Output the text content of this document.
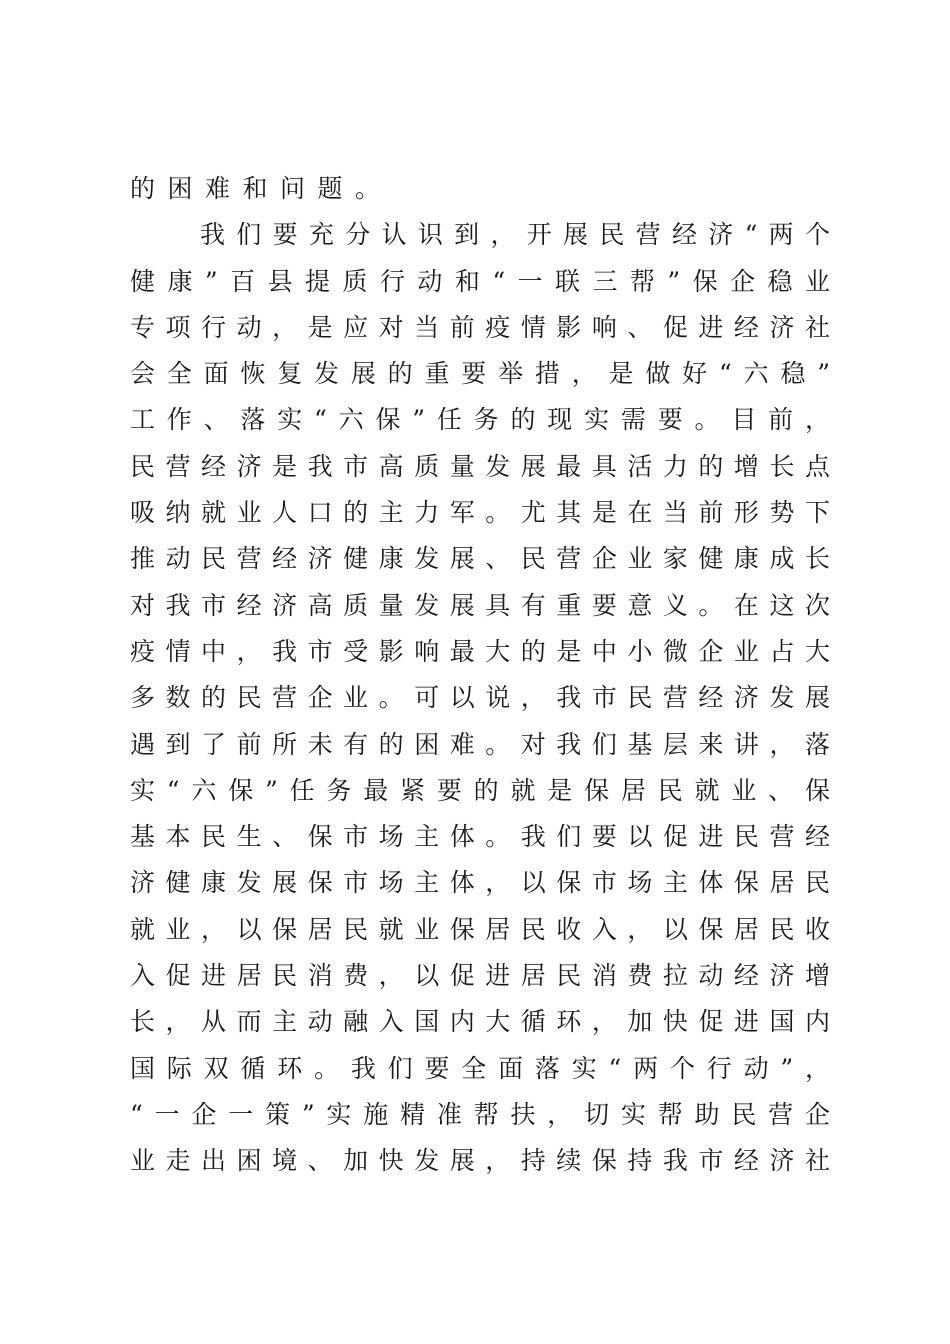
的困难和问题。
我们要充分认识到，开展民营经济“两个
健康”百县提质行动和“一联三帮”保企稳业
专项行动，是应对当前疫情影响、促进经济社
会全面恢复发展的重要举措，是做好“六稳”
工作、落实“六保”任务的现实需要。目前，
民营经济是我市高质量发展最具活力的增长点
吸纳就业人口的主力军。尤其是在当前形势下
推动民营经济健康发展、民营企业家健康成长
对我市经济高质量发展具有重要意义。在这次
疫情中，我市受影响最大的是中小微企业占大
多数的民营企业。可以说，我市民营经济发展
遇到了前所未有的困难。对我们基层来讲，落
实“六保”任务最紧要的就是保居民就业、保
基本民生、保市场主体。我们要以促进民营经
济健康发展保市场主体，以保市场主体保居民
就业，以保居民就业保居民收入，以保居民收
入促进居民消费，以促进居民消费拉动经济增
长，从而主动融入国内大循环，加快促进国内
国际双循环。我们要全面落实“两个行动”，
“一企一策”实施精准帮扶，切实帮助民营企
业走出困境、加快发展，持续保持我市经济社
